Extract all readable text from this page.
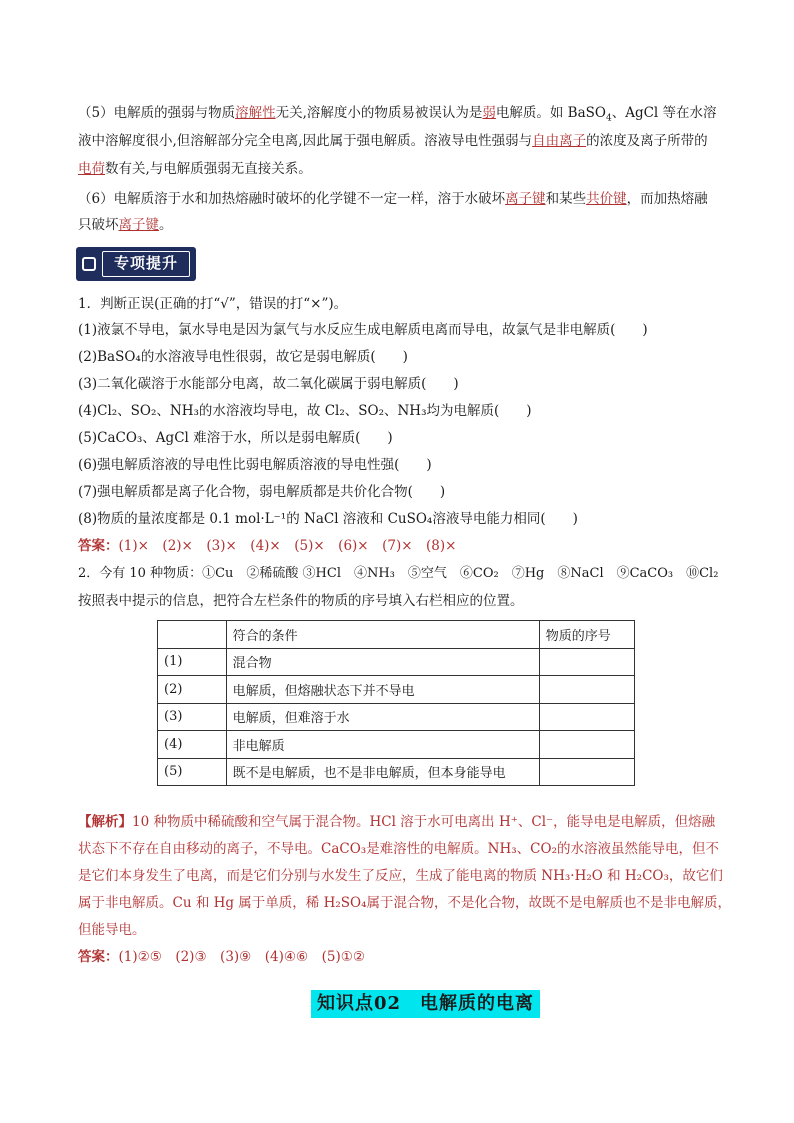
（5）电解质的强弱与物质溶解性无关,溶解度小的物质易被误认为是弱电解质。如 BaSO$_4$、AgCl 等在水溶
液中溶解度很小,但溶解部分完全电离,因此属于强电解质。溶液导电性强弱与自由离子的浓度及离子所带的
电荷数有关,与电解质强弱无直接关系。
（6）电解质溶于水和加热熔融时破坏的化学键不一定一样，溶于水破坏离子键和某些共价键，而加热熔融
只破坏离子键。
专项提升
1．判断正误(正确的打“√”，错误的打“×”)。
(1)液氯不导电，氯水导电是因为氯气与水反应生成电解质电离而导电，故氯气是非电解质(　　)
(2)BaSO₄的水溶液导电性很弱，故它是弱电解质(　　)
(3)二氧化碳溶于水能部分电离，故二氧化碳属于弱电解质(　　)
(4)Cl₂、SO₂、NH₃的水溶液均导电，故 Cl₂、SO₂、NH₃均为电解质(　　)
(5)CaCO₃、AgCl 难溶于水，所以是弱电解质(　　)
(6)强电解质溶液的导电性比弱电解质溶液的导电性强(　　)
(7)强电解质都是离子化合物，弱电解质都是共价化合物(　　)
(8)物质的量浓度都是 0.1 mol·L⁻¹的 NaCl 溶液和 CuSO₄溶液导电能力相同(　　)
答案：(1)×　(2)×　(3)×　(4)×　(5)×　(6)×　(7)×　(8)×
2．今有 10 种物质：①Cu　②稀硫酸 ③HCl　④NH₃　⑤空气　⑥CO₂　⑦Hg　⑧NaCl　⑨CaCO₃　⑩Cl₂
按照表中提示的信息，把符合左栏条件的物质的序号填入右栏相应的位置。
	符合的条件	物质的序号
(1)	混合物	
(2)	电解质，但熔融状态下并不导电	
(3)	电解质，但难溶于水	
(4)	非电解质	
(5)	既不是电解质，也不是非电解质，但本身能导电	
【解析】10 种物质中稀硫酸和空气属于混合物。HCl 溶于水可电离出 H⁺、Cl⁻，能导电是电解质，但熔融
状态下不存在自由移动的离子，不导电。CaCO₃是难溶性的电解质。NH₃、CO₂的水溶液虽然能导电，但不
是它们本身发生了电离，而是它们分别与水发生了反应，生成了能电离的物质 NH₃·H₂O 和 H₂CO₃，故它们
属于非电解质。Cu 和 Hg 属于单质，稀 H₂SO₄属于混合物，不是化合物，故既不是电解质也不是非电解质，
但能导电。
答案：(1)②⑤　(2)③　(3)⑨　(4)④⑥　(5)①②
知识点02　电解质的电离
